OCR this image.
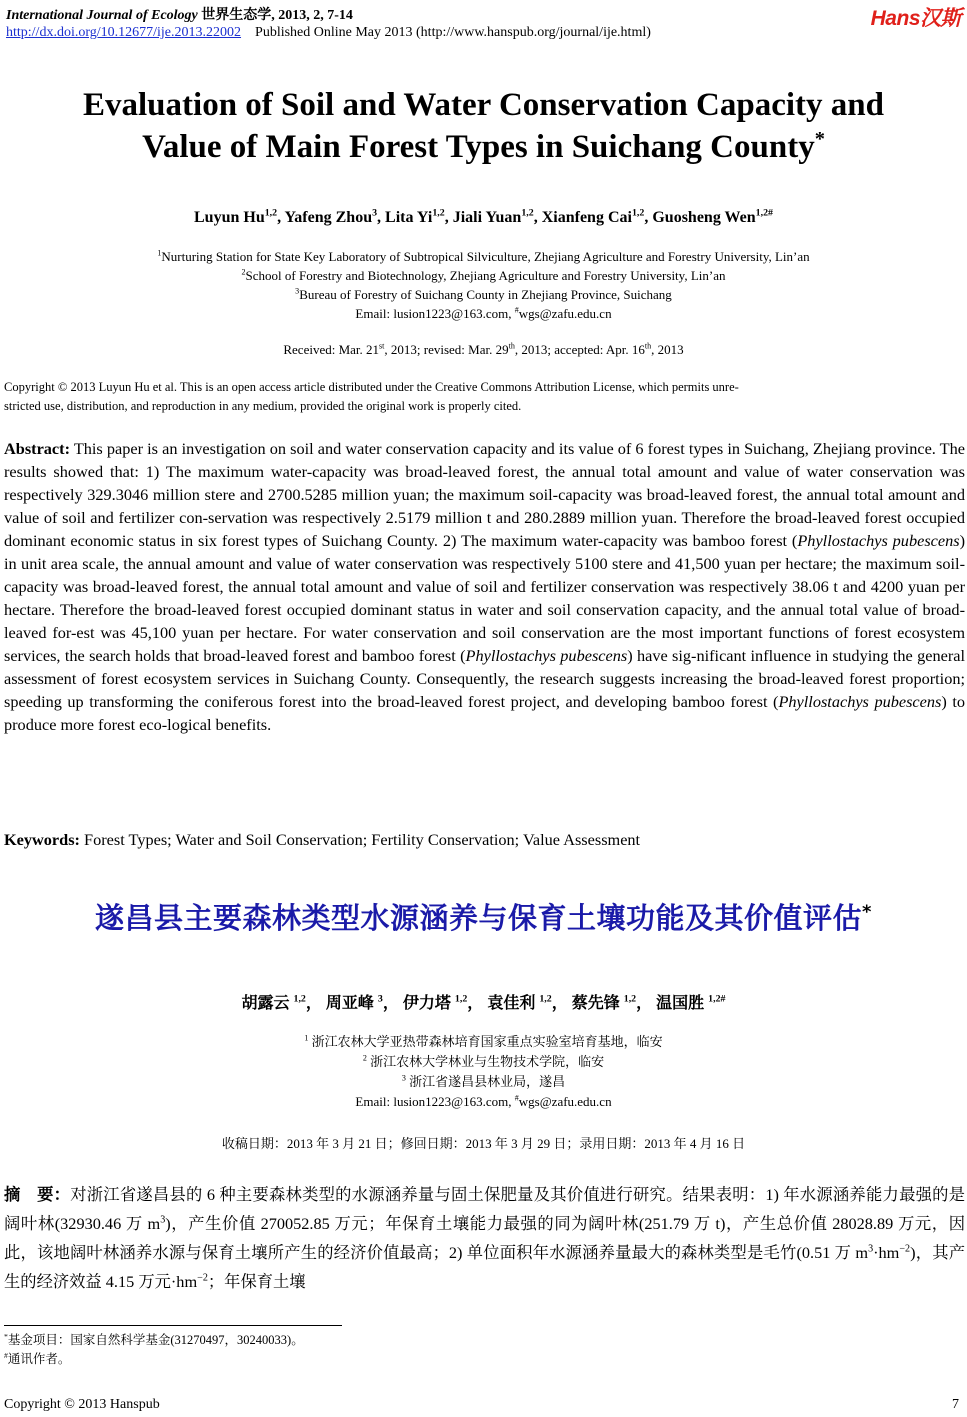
International Journal of Ecology 世界生态学, 2013, 2, 7-14
http://dx.doi.org/10.12677/ije.2013.22002 Published Online May 2013 (http://www.hanspub.org/journal/ije.html)
Hans汉斯
Evaluation of Soil and Water Conservation Capacity and
Value of Main Forest Types in Suichang County*
Luyun Hu$^{1,2}$, Yafeng Zhou$^3$, Lita Yi$^{1,2}$, Jiali Yuan$^{1,2}$, Xianfeng Cai$^{1,2}$, Guosheng Wen$^{1,2\#}$
$^1$Nurturing Station for State Key Laboratory of Subtropical Silviculture, Zhejiang Agriculture and Forestry University, Lin’an
$^2$School of Forestry and Biotechnology, Zhejiang Agriculture and Forestry University, Lin’an
$^3$Bureau of Forestry of Suichang County in Zhejiang Province, Suichang
Email: lusion1223@163.com, #wgs@zafu.edu.cn
Received: Mar. 21st, 2013; revised: Mar. 29th, 2013; accepted: Apr. 16th, 2013
Copyright © 2013 Luyun Hu et al. This is an open access article distributed under the Creative Commons Attribution License, which permits unre-
stricted use, distribution, and reproduction in any medium, provided the original work is properly cited.
Abstract: This paper is an investigation on soil and water conservation capacity and its value of 6 forest types in Suichang, Zhejiang province. The results showed that: 1) The maximum water-capacity was broad-leaved forest, the annual total amount and value of water conservation was respectively 329.3046 million stere and 2700.5285 million yuan; the maximum soil-capacity was broad-leaved forest, the annual total amount and value of soil and fertilizer con-servation was respectively 2.5179 million t and 280.2889 million yuan. Therefore the broad-leaved forest occupied dominant economic status in six forest types of Suichang County. 2) The maximum water-capacity was bamboo forest (Phyllostachys pubescens) in unit area scale, the annual amount and value of water conservation was respectively 5100 stere and 41,500 yuan per hectare; the maximum soil-capacity was broad-leaved forest, the annual total amount and value of soil and fertilizer conservation was respectively 38.06 t and 4200 yuan per hectare. Therefore the broad-leaved forest occupied dominant status in water and soil conservation capacity, and the annual total value of broad-leaved for-est was 45,100 yuan per hectare. For water conservation and soil conservation are the most important functions of forest ecosystem services, the search holds that broad-leaved forest and bamboo forest (Phyllostachys pubescens) have sig-nificant influence in studying the general assessment of forest ecosystem services in Suichang County. Consequently, the research suggests increasing the broad-leaved forest proportion; speeding up transforming the coniferous forest into the broad-leaved forest project, and developing bamboo forest (Phyllostachys pubescens) to produce more forest eco-logical benefits.
Keywords: Forest Types; Water and Soil Conservation; Fertility Conservation; Value Assessment
遂昌县主要森林类型水源涵养与保育土壤功能及其价值评估*
胡露云 $^{1,2}$， 周亚峰 $^3$， 伊力塔 $^{1,2}$， 袁佳利 $^{1,2}$， 蔡先锋 $^{1,2}$， 温国胜 $^{1,2\#}$
$^1$ 浙江农林大学亚热带森林培育国家重点实验室培育基地，临安
$^2$ 浙江农林大学林业与生物技术学院，临安
$^3$ 浙江省遂昌县林业局，遂昌
Email: lusion1223@163.com, #wgs@zafu.edu.cn
收稿日期：2013 年 3 月 21 日；修回日期：2013 年 3 月 29 日；录用日期：2013 年 4 月 16 日
摘　要：对浙江省遂昌县的 6 种主要森林类型的水源涵养量与固土保肥量及其价值进行研究。结果表明：1) 年水源涵养能力最强的是阔叶林(32930.46 万 $m^3$)，产生价值 270052.85 万元；年保育土壤能力最强的同为阔叶林(251.79 万 t)，产生总价值 28028.89 万元，因此，该地阔叶林涵养水源与保育土壤所产生的经济价值最高；2) 单位面积年水源涵养量最大的森林类型是毛竹(0.51 万 $m^3\cdot hm^{-2}$)，其产生的经济效益 4.15 万元$\cdot hm^{-2}$；年保育土壤
*基金项目：国家自然科学基金(31270497，30240033)。
#通讯作者。
Copyright © 2013 Hanspub	7
